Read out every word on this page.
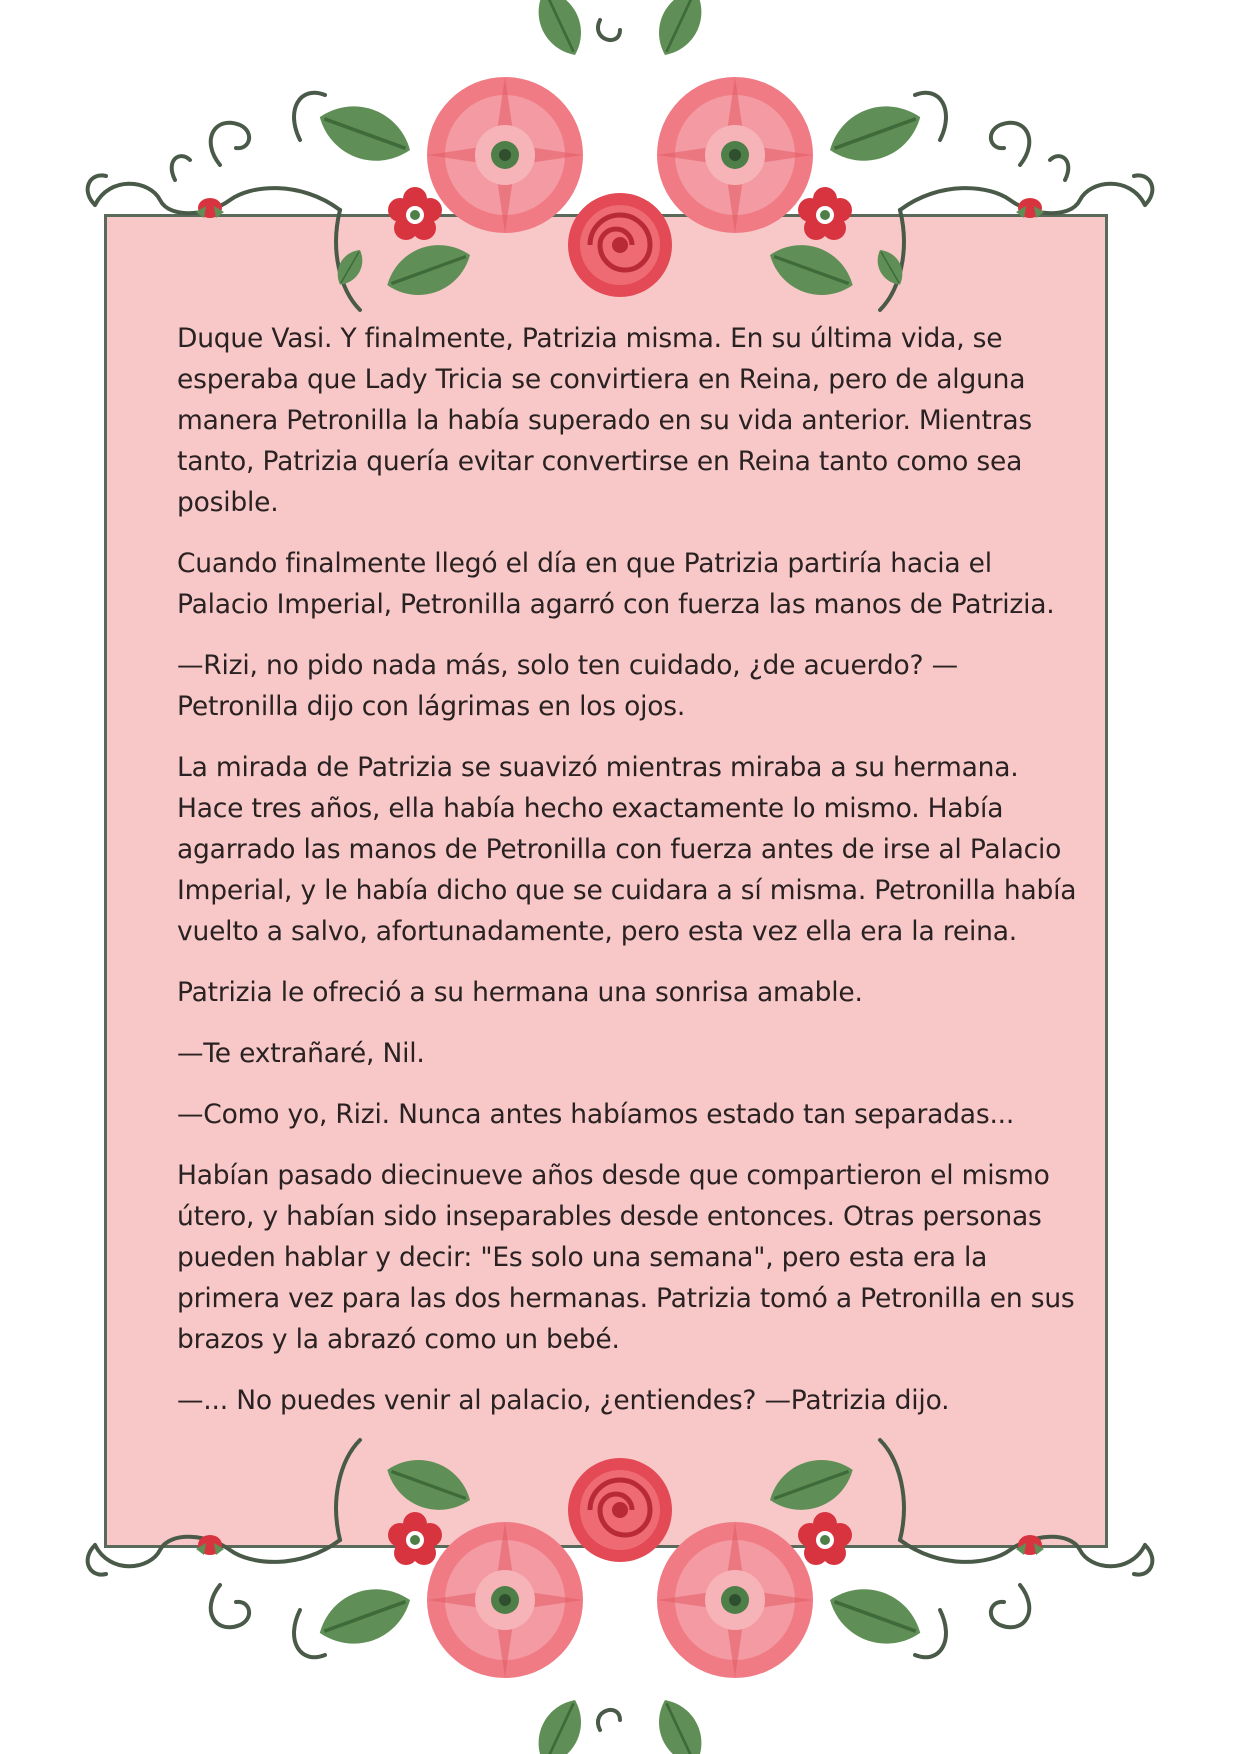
Duque Vasi. Y finalmente, Patrizia misma. En su última vida, se esperaba que Lady Tricia se convirtiera en Reina, pero de alguna manera Petronilla la había superado en su vida anterior. Mientras tanto, Patrizia quería evitar convertirse en Reina tanto como sea posible.

Cuando finalmente llegó el día en que Patrizia partiría hacia el Palacio Imperial, Petronilla agarró con fuerza las manos de Patrizia.

—Rizi, no pido nada más, solo ten cuidado, ¿de acuerdo? —Petronilla dijo con lágrimas en los ojos.

La mirada de Patrizia se suavizó mientras miraba a su hermana. Hace tres años, ella había hecho exactamente lo mismo. Había agarrado las manos de Petronilla con fuerza antes de irse al Palacio Imperial, y le había dicho que se cuidara a sí misma. Petronilla había vuelto a salvo, afortunadamente, pero esta vez ella era la reina.

Patrizia le ofreció a su hermana una sonrisa amable.

—Te extrañaré, Nil.

—Como yo, Rizi. Nunca antes habíamos estado tan separadas...

Habían pasado diecinueve años desde que compartieron el mismo útero, y habían sido inseparables desde entonces. Otras personas pueden hablar y decir: "Es solo una semana", pero esta era la primera vez para las dos hermanas. Patrizia tomó a Petronilla en sus brazos y la abrazó como un bebé.

—... No puedes venir al palacio, ¿entiendes? —Patrizia dijo.
